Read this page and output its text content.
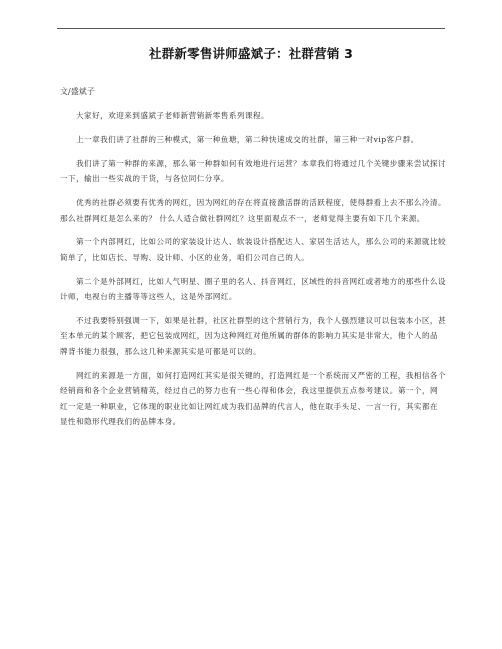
社群新零售讲师盛斌子：社群营销 3
文/盛斌子

大家好，欢迎来到盛斌子老师新营销新零售系列课程。

上一章我们讲了社群的三种模式，第一种鱼塘，第二种快速成交的社群，第三种一对vip客户群。

我们讲了第一种群的来源，那么第一种群如何有效地进行运营？本章我们将通过几个关键步骤来尝试探讨一下，输出一些实战的干货，与各位同仁分享。

优秀的社群必须要有优秀的网红，因为网红的存在将直接激活群的活跃程度，使得群看上去不那么冷清。那么社群网红是怎么来的？ 什么人适合做社群网红？这里面观点不一，老师觉得主要有如下几个来源。

第一个内部网红，比如公司的家装设计达人、软装设计搭配达人、家居生活达人，那么公司的来源就比较简单了，比如店长、导购、设计师、小区的业务，咱们公司自己的人。

第二个是外部网红，比如人气明星、圈子里的名人、抖音网红，区域性的抖音网红或者地方的那些什么设计师，电视台的主播等等这些人，这是外部网红。

不过我要特别强调一下，如果是社群，社区社群型的这个营销行为，我个人强烈建议可以包装本小区，甚至本单元的某个顾客，把它包装成网红，因为这种网红对他所属的群体的影响力其实是非常大，他个人的品牌背书能力很强，那么这几种来源其实是可都是可以的。

网红的来源是一方面，如何打造网红其实是很关键的，打造网红是一个系统而又严密的工程，我相信各个经销商和各个企业营销精英，经过自己的努力也有一些心得和体会，我这里提供五点参考建议。第一个，网红一定是一种职业，它体现的职业比如让网红成为我们品牌的代言人，他在取手头足、一言一行，其实都在显性和隐形代理我们的品牌本身。
